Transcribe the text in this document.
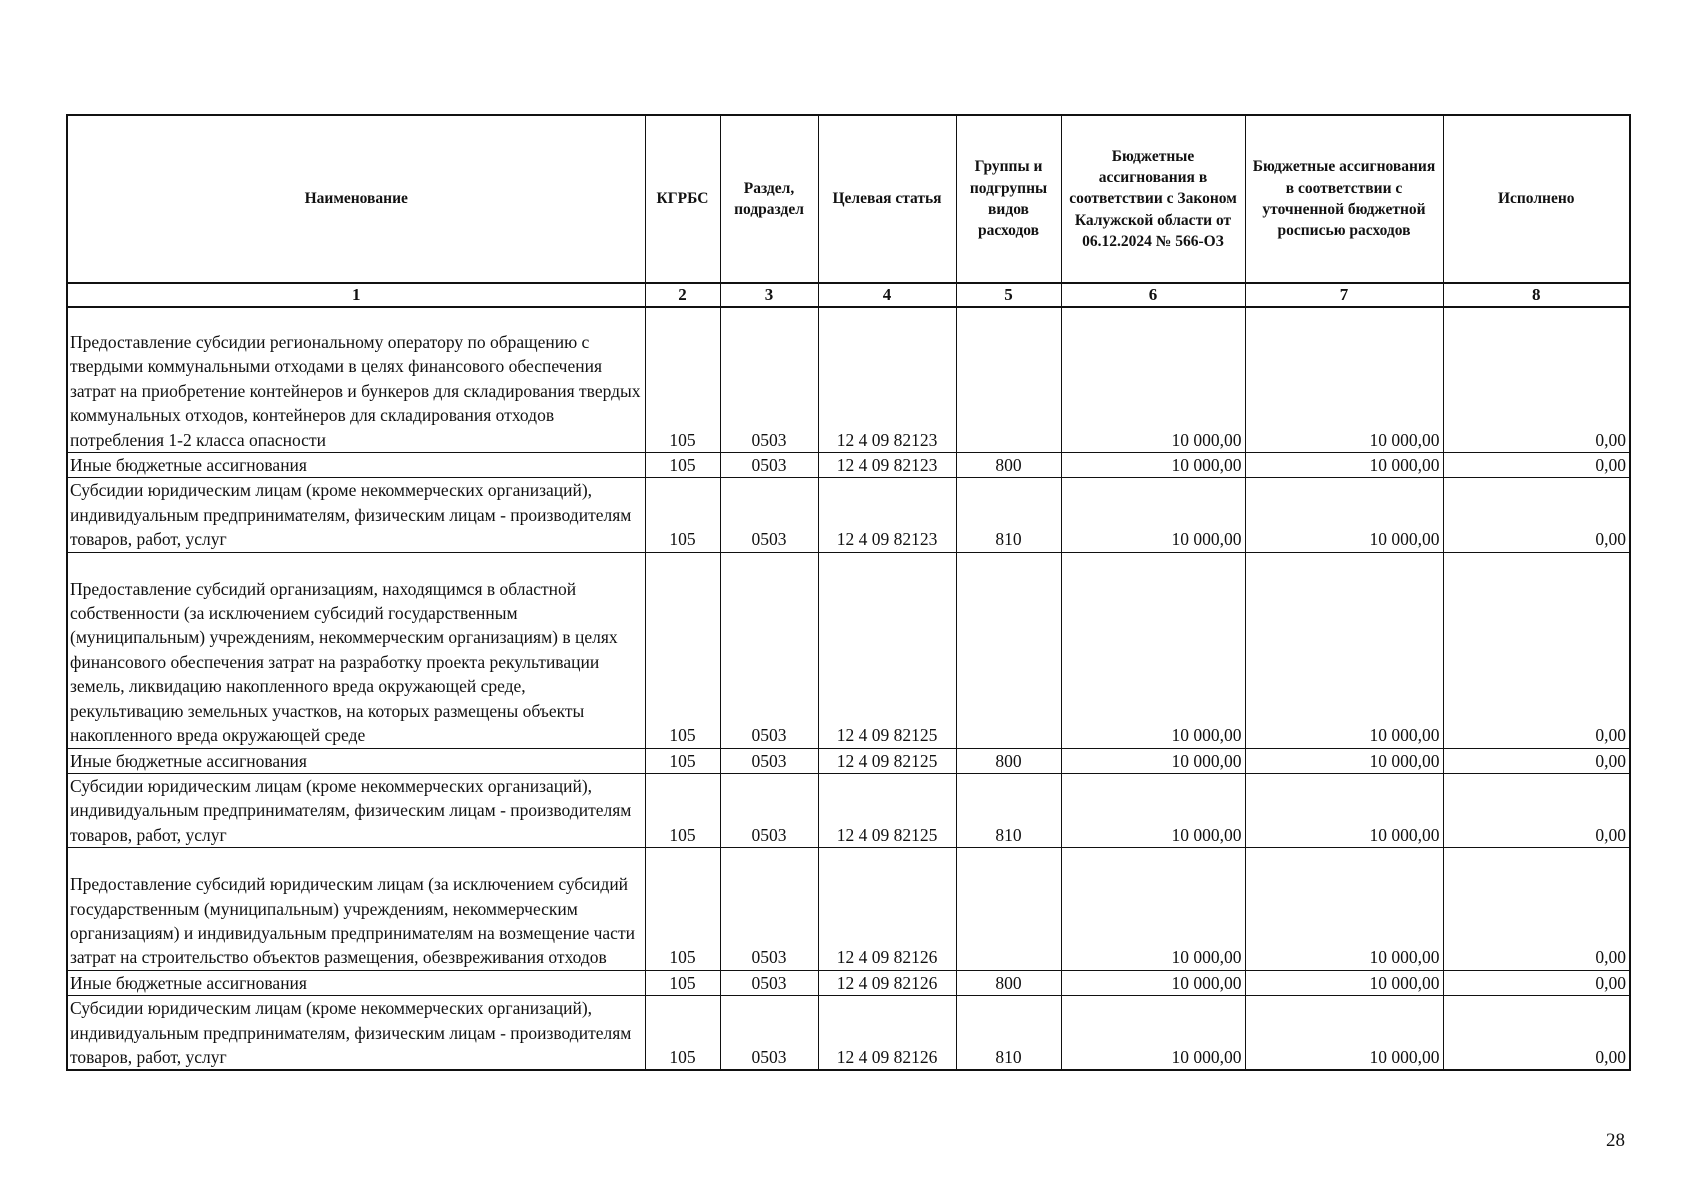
Наименование	КГРБС	Раздел, подраздел	Целевая статья	Группы и подгрупны видов расходов	Бюджетные ассигнования в соответствии с Законом Калужской области от 06.12.2024 № 566-ОЗ	Бюджетные ассигнования в соответствии с уточненной бюджетной росписью расходов	Исполнено
1	2	3	4	5	6	7	8
Предоставление субсидии региональному оператору по обращению с твердыми коммунальными отходами в целях финансового обеспечения затрат на приобретение контейнеров и бункеров для складирования твердых коммунальных отходов, контейнеров для складирования отходов потребления 1-2 класса опасности	105	0503	12 4 09 82123		10 000,00	10 000,00	0,00
Иные бюджетные ассигнования	105	0503	12 4 09 82123	800	10 000,00	10 000,00	0,00
Субсидии юридическим лицам (кроме некоммерческих организаций), индивидуальным предпринимателям, физическим лицам - производителям товаров, работ, услуг	105	0503	12 4 09 82123	810	10 000,00	10 000,00	0,00
Предоставление субсидий организациям, находящимся в областной собственности (за исключением субсидий государственным (муниципальным) учреждениям, некоммерческим организациям) в целях финансового обеспечения затрат на разработку проекта рекультивации земель, ликвидацию накопленного вреда окружающей среде, рекультивацию земельных участков, на которых размещены объекты накопленного вреда окружающей среде	105	0503	12 4 09 82125		10 000,00	10 000,00	0,00
Иные бюджетные ассигнования	105	0503	12 4 09 82125	800	10 000,00	10 000,00	0,00
Субсидии юридическим лицам (кроме некоммерческих организаций), индивидуальным предпринимателям, физическим лицам - производителям товаров, работ, услуг	105	0503	12 4 09 82125	810	10 000,00	10 000,00	0,00
Предоставление субсидий юридическим лицам (за исключением субсидий государственным (муниципальным) учреждениям, некоммерческим организациям) и индивидуальным предпринимателям на возмещение части затрат на строительство объектов размещения, обезвреживания отходов	105	0503	12 4 09 82126		10 000,00	10 000,00	0,00
Иные бюджетные ассигнования	105	0503	12 4 09 82126	800	10 000,00	10 000,00	0,00
Субсидии юридическим лицам (кроме некоммерческих организаций), индивидуальным предпринимателям, физическим лицам - производителям товаров, работ, услуг	105	0503	12 4 09 82126	810	10 000,00	10 000,00	0,00
28
